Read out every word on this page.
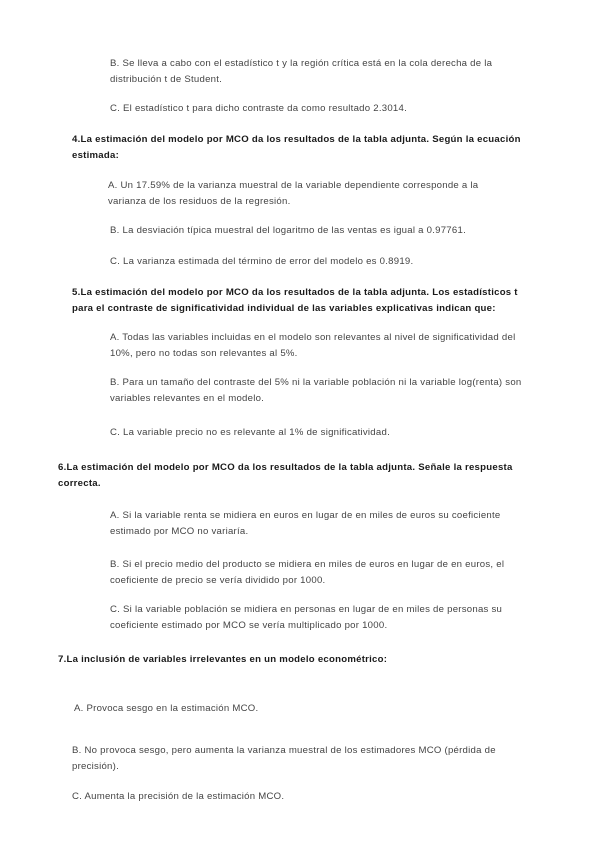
B. Se lleva a cabo con el estadístico t y la región crítica está en la cola derecha de la distribución t de Student.

C. El estadístico t para dicho contraste da como resultado 2.3014.

4.La estimación del modelo por MCO da los resultados de la tabla adjunta. Según la ecuación estimada:

A. Un 17.59% de la varianza muestral de la variable dependiente corresponde a la varianza de los residuos de la regresión.

B. La desviación típica muestral del logaritmo de las ventas es igual a 0.97761.

C. La varianza estimada del término de error del modelo es 0.8919.

5.La estimación del modelo por MCO da los resultados de la tabla adjunta. Los estadísticos t para el contraste de significatividad individual de las variables explicativas indican que:

A. Todas las variables incluidas en el modelo son relevantes al nivel de significatividad del 10%, pero no todas son relevantes al 5%.

B. Para un tamaño del contraste del 5% ni la variable población ni la variable log(renta) son variables relevantes en el modelo.

C. La variable precio no es relevante al 1% de significatividad.

6.La estimación del modelo por MCO da los resultados de la tabla adjunta. Señale la respuesta correcta.

A. Si la variable renta se midiera en euros en lugar de en miles de euros su coeficiente estimado por MCO no variaría.

B. Si el precio medio del producto se midiera en miles de euros en lugar de en euros, el coeficiente de precio se vería dividido por 1000.

C. Si la variable población se midiera en personas en lugar de en miles de personas su coeficiente estimado por MCO se vería multiplicado por 1000.

7.La inclusión de variables irrelevantes en un modelo econométrico:

A. Provoca sesgo en la estimación MCO.

B. No provoca sesgo, pero aumenta la varianza muestral de los estimadores MCO (pérdida de precisión).

C. Aumenta la precisión de la estimación MCO.
